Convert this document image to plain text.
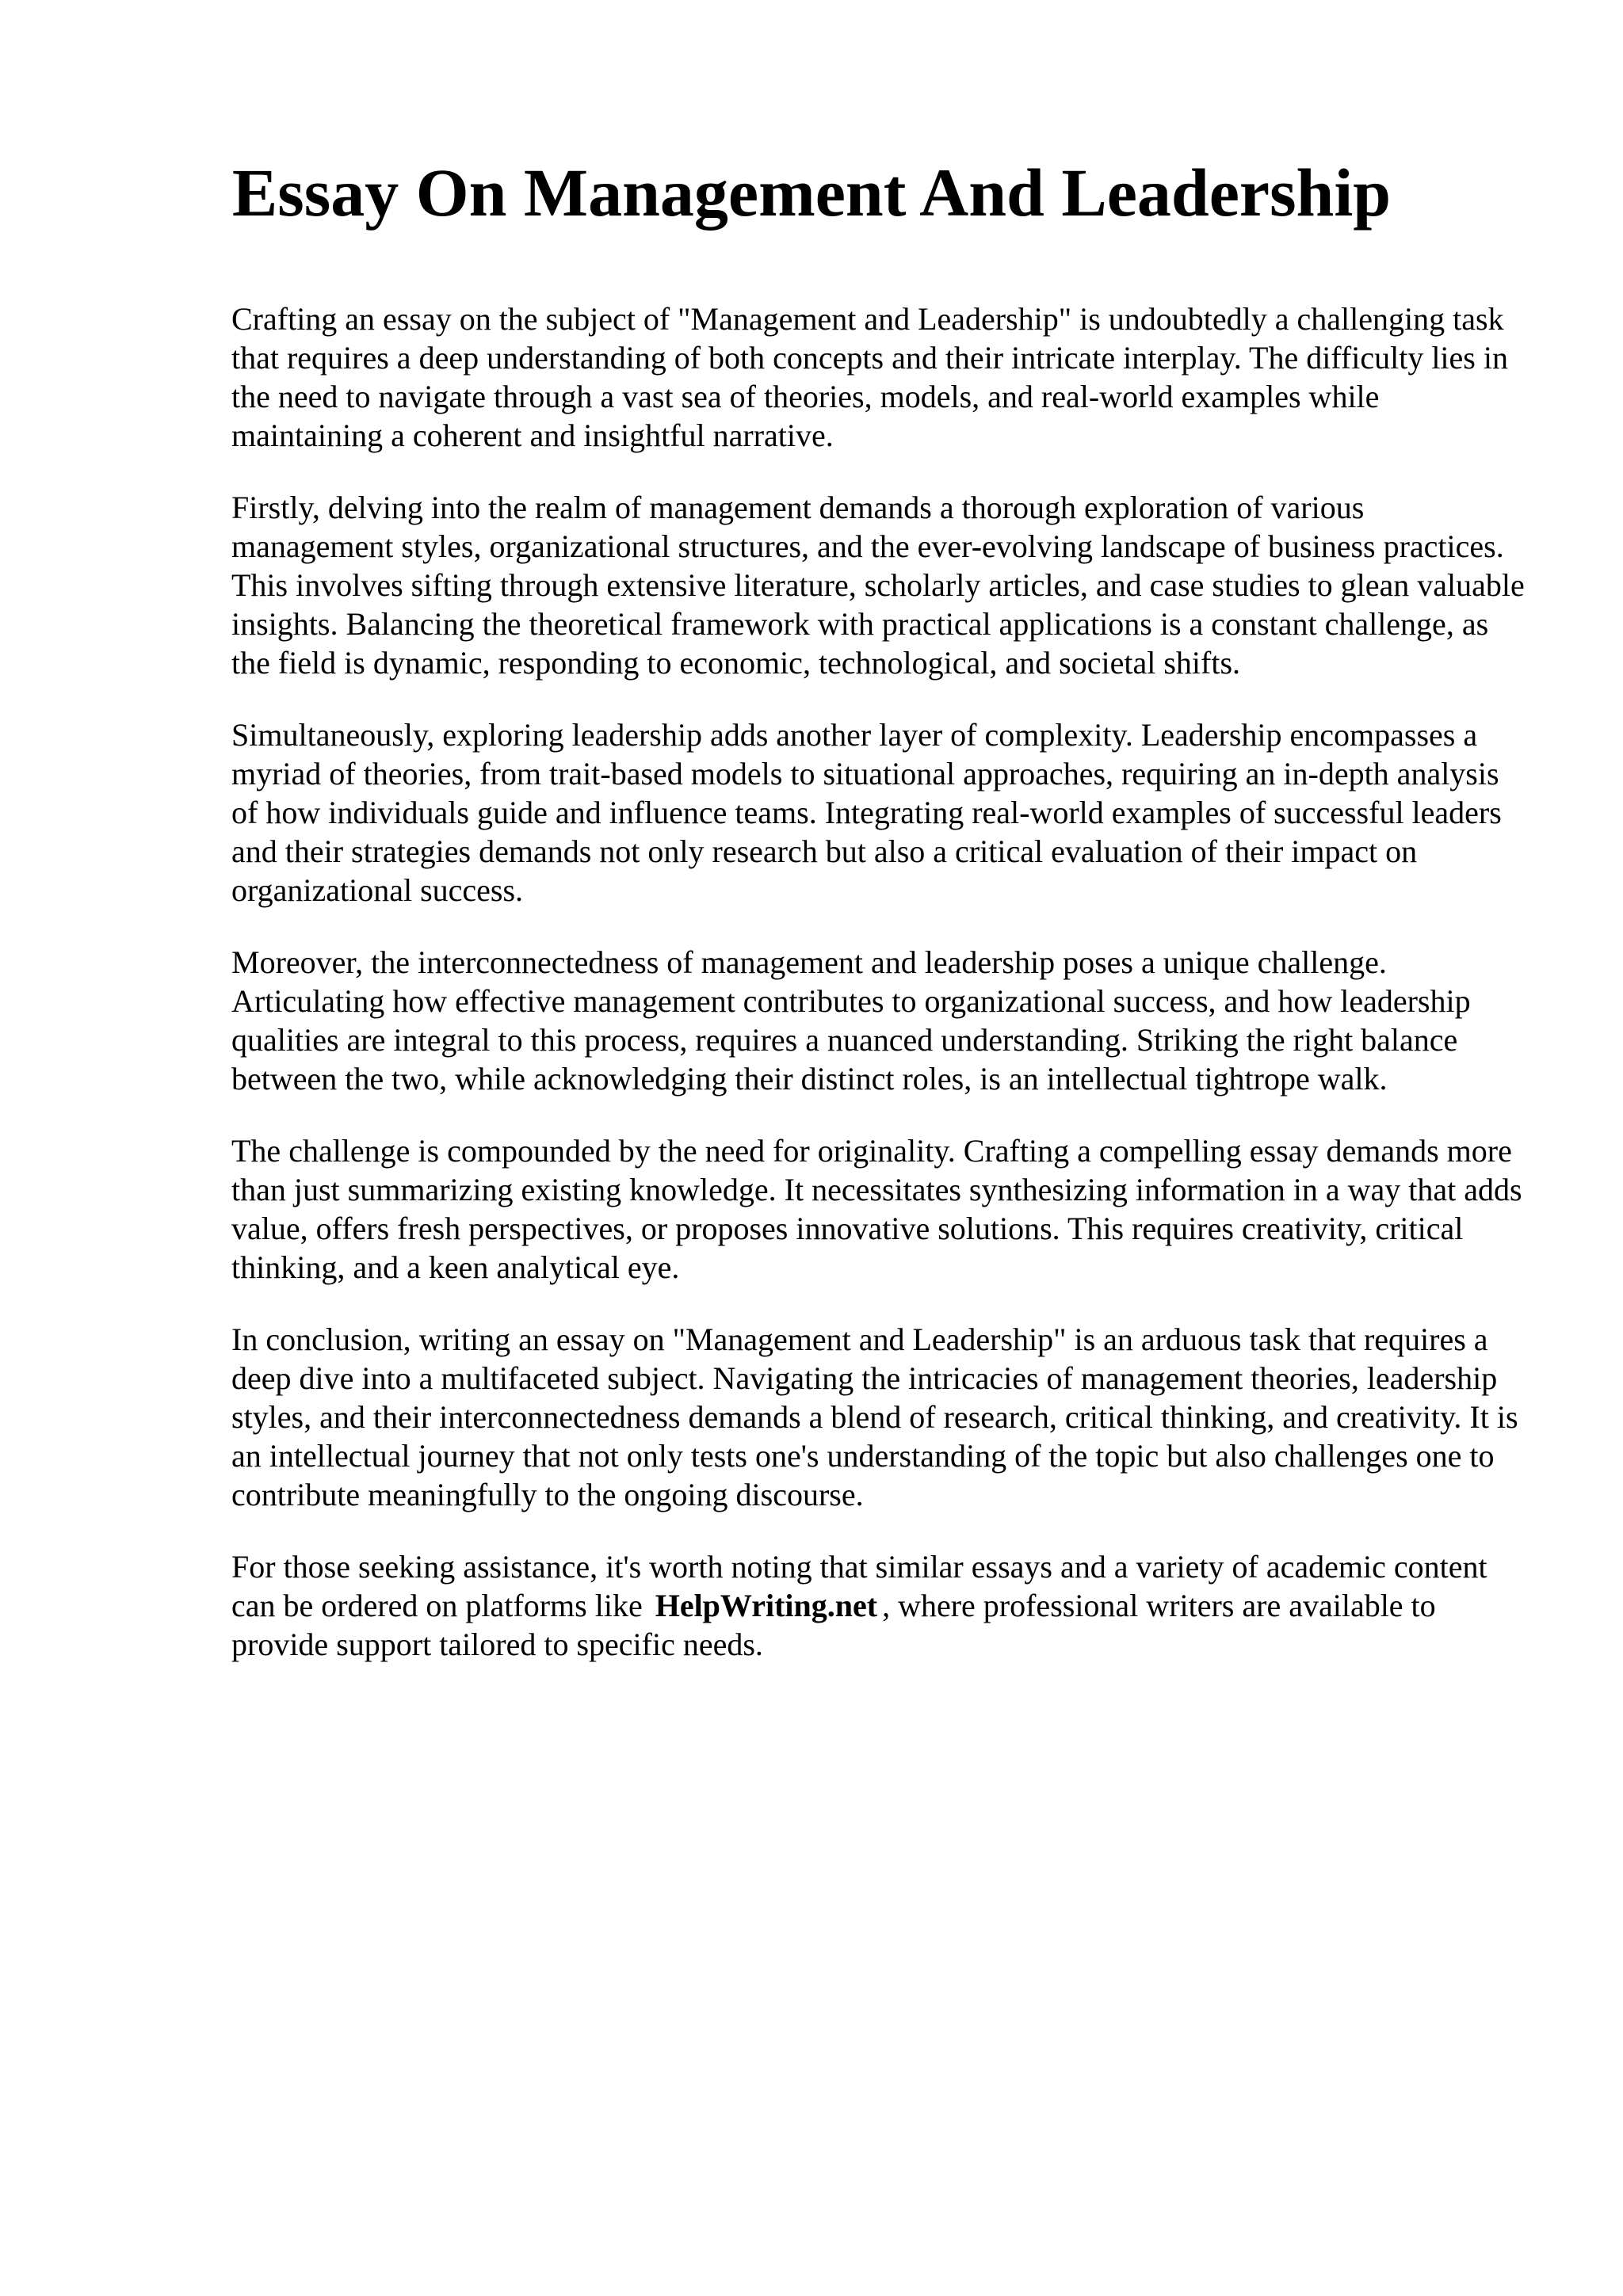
Essay On Management And Leadership

Crafting an essay on the subject of "Management and Leadership" is undoubtedly a challenging task that requires a deep understanding of both concepts and their intricate interplay. The difficulty lies in the need to navigate through a vast sea of theories, models, and real-world examples while maintaining a coherent and insightful narrative.

Firstly, delving into the realm of management demands a thorough exploration of various management styles, organizational structures, and the ever-evolving landscape of business practices. This involves sifting through extensive literature, scholarly articles, and case studies to glean valuable insights. Balancing the theoretical framework with practical applications is a constant challenge, as the field is dynamic, responding to economic, technological, and societal shifts.

Simultaneously, exploring leadership adds another layer of complexity. Leadership encompasses a myriad of theories, from trait-based models to situational approaches, requiring an in-depth analysis of how individuals guide and influence teams. Integrating real-world examples of successful leaders and their strategies demands not only research but also a critical evaluation of their impact on organizational success.

Moreover, the interconnectedness of management and leadership poses a unique challenge. Articulating how effective management contributes to organizational success, and how leadership qualities are integral to this process, requires a nuanced understanding. Striking the right balance between the two, while acknowledging their distinct roles, is an intellectual tightrope walk.

The challenge is compounded by the need for originality. Crafting a compelling essay demands more than just summarizing existing knowledge. It necessitates synthesizing information in a way that adds value, offers fresh perspectives, or proposes innovative solutions. This requires creativity, critical thinking, and a keen analytical eye.

In conclusion, writing an essay on "Management and Leadership" is an arduous task that requires a deep dive into a multifaceted subject. Navigating the intricacies of management theories, leadership styles, and their interconnectedness demands a blend of research, critical thinking, and creativity. It is an intellectual journey that not only tests one's understanding of the topic but also challenges one to contribute meaningfully to the ongoing discourse.

For those seeking assistance, it's worth noting that similar essays and a variety of academic content can be ordered on platforms like HelpWriting.net , where professional writers are available to provide support tailored to specific needs.
